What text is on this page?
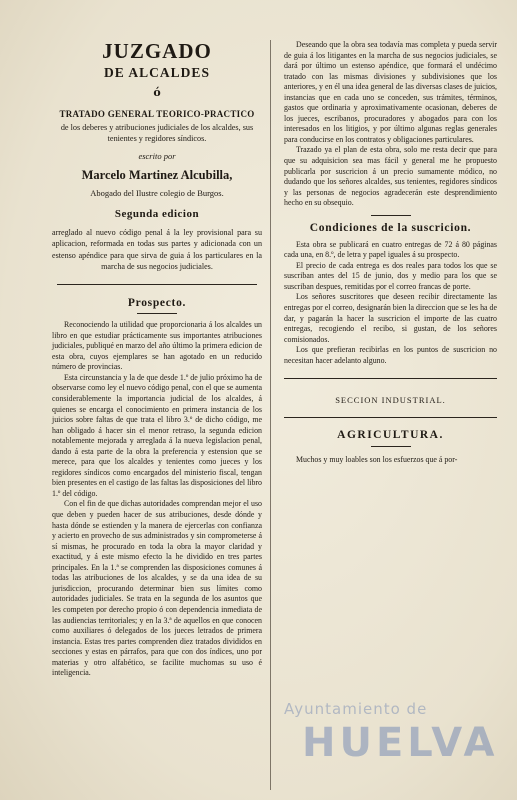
JUZGADO

DE ALCALDES

ó

TRATADO GENERAL TEORICO-PRACTICO

de los deberes y atribuciones judiciales de los alcaldes, sus tenientes y regidores síndicos.

escrito por

Marcelo Martinez Alcubilla,

Abogado del Ilustre colegio de Burgos.

Segunda edicion

arreglado al nuevo código penal á la ley provisional para su aplicacion, reformada en todas sus partes y adicionada con un estenso apéndice para que sirva de guia á los particulares en la marcha de sus negocios judiciales.

Prospecto.

Reconociendo la utilidad que proporcionaria á los alcaldes un libro en que estudiar prácticamente sus importantes atribuciones judiciales, publiqué en marzo del año último la primera edicion de esta obra, cuyos ejemplares se han agotado en un reducido número de provincias.

Esta circunstancia y la de que desde 1.º de julio próximo ha de observarse como ley el nuevo código penal, con el que se aumenta considerablemente la importancia judicial de los alcaldes, á quienes se encarga el conocimiento en primera instancia de los juicios sobre faltas de que trata el libro 3.º de dicho código, me han obligado á hacer sin el menor retraso, la segunda edicion notablemente mejorada y arreglada á la nueva legislacion penal, dando á esta parte de la obra la preferencia y estension que se merece, para que los alcaldes y tenientes como jueces y los regidores síndicos como encargados del ministerio fiscal, tengan bien presentes en el castigo de las faltas las disposiciones del libro 1.º del código.

Con el fin de que dichas autoridades comprendan mejor el uso que deben y pueden hacer de sus atribuciones, desde dónde y hasta dónde se estienden y la manera de ejercerlas con confianza y acierto en provecho de sus administrados y sin comprometerse á sí mismas, he procurado en toda la obra la mayor claridad y exactitud, y á este mismo efecto la he dividido en tres partes principales. En la 1.ª se comprenden las disposiciones comunes á todas las atribuciones de los alcaldes, y se da una idea de su jurisdiccion, procurando determinar bien sus límites como autoridades judiciales. Se trata en la segunda de los asuntos que les competen por derecho propio ó con dependencia inmediata de las audiencias territoriales; y en la 3.ª de aquellos en que conocen como auxiliares ó delegados de los jueces letrados de primera instancia. Estas tres partes comprenden diez tratados divididos en secciones y estas en párrafos, para que con dos índices, uno por materias y otro alfabético, se facilite muchomas su uso é inteligencia.

Deseando que la obra sea todavía mas completa y pueda servir de guia á los litigantes en la marcha de sus negocios judiciales, se dará por último un estenso apéndice, que formará el undécimo tratado con las mismas divisiones y subdivisiones que los anteriores, y en él una idea general de las diversas clases de juicios, instancias que en cada uno se conceden, sus trámites, términos, gastos que ordinaria y aproximativamente ocasionan, deberes de los jueces, escribanos, procuradores y abogados para con los interesados en los litigios, y por último algunas reglas generales para conducirse en los contratos y obligaciones particulares.

Trazado ya el plan de esta obra, solo me resta decir que para que su adquisicion sea mas fácil y general me he propuesto publicarla por suscricion á un precio sumamente módico, no dudando que los señores alcaldes, sus tenientes, regidores síndicos y las personas de negocios agradecerán este desprendimiento hecho en su obsequio.

Condiciones de la suscricion.

Esta obra se publicará en cuatro entregas de 72 á 80 páginas cada una, en 8.º, de letra y papel iguales á su prospecto.

El precio de cada entrega es dos reales para todos los que se suscriban antes del 15 de junio, dos y medio para los que se suscriban despues, remitidas por el correo francas de porte.

Los señores suscritores que deseen recibir directamente las entregas por el correo, designarán bien la direccion que se les ha de dar, y pagarán la hacer la suscricion el importe de las cuatro entregas, recogiendo el recibo, si gustan, de los señores comisionados.

Los que prefieran recibirlas en los puntos de suscricion no necesitan hacer adelanto alguno.

SECCION INDUSTRIAL.

AGRICULTURA.

Muchos y muy loables son los esfuerzos que á por-

Ayuntamiento de
HUELVA
